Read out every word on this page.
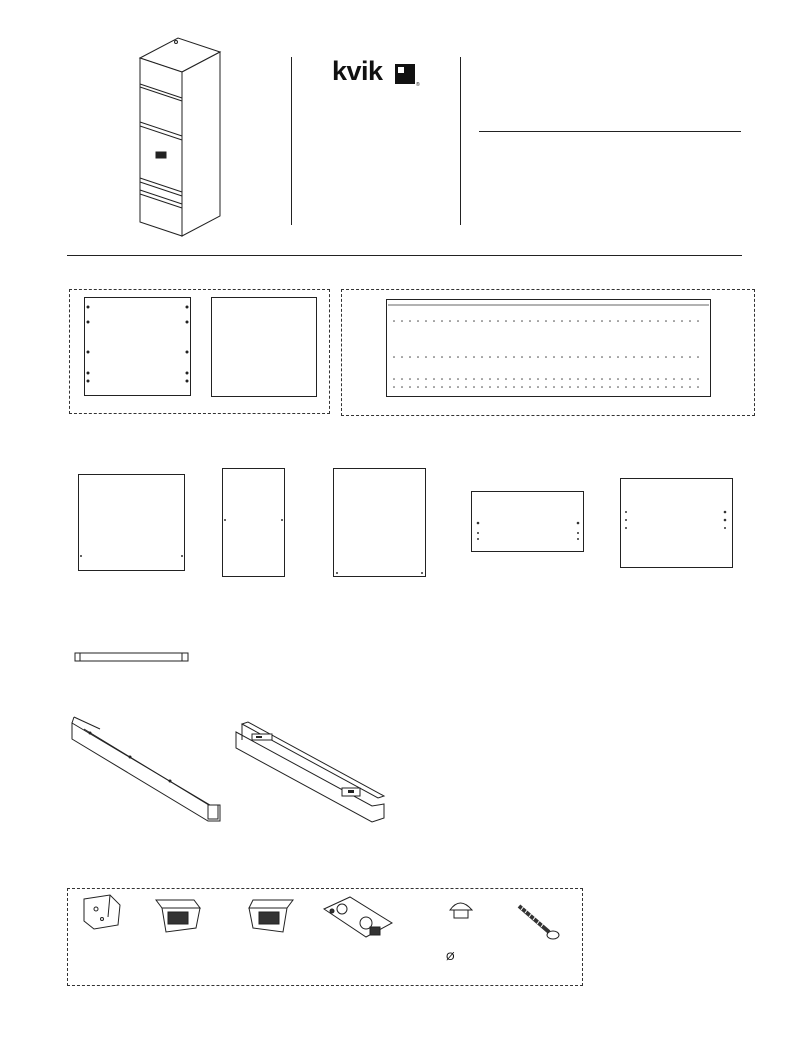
kvik	®
Ø
